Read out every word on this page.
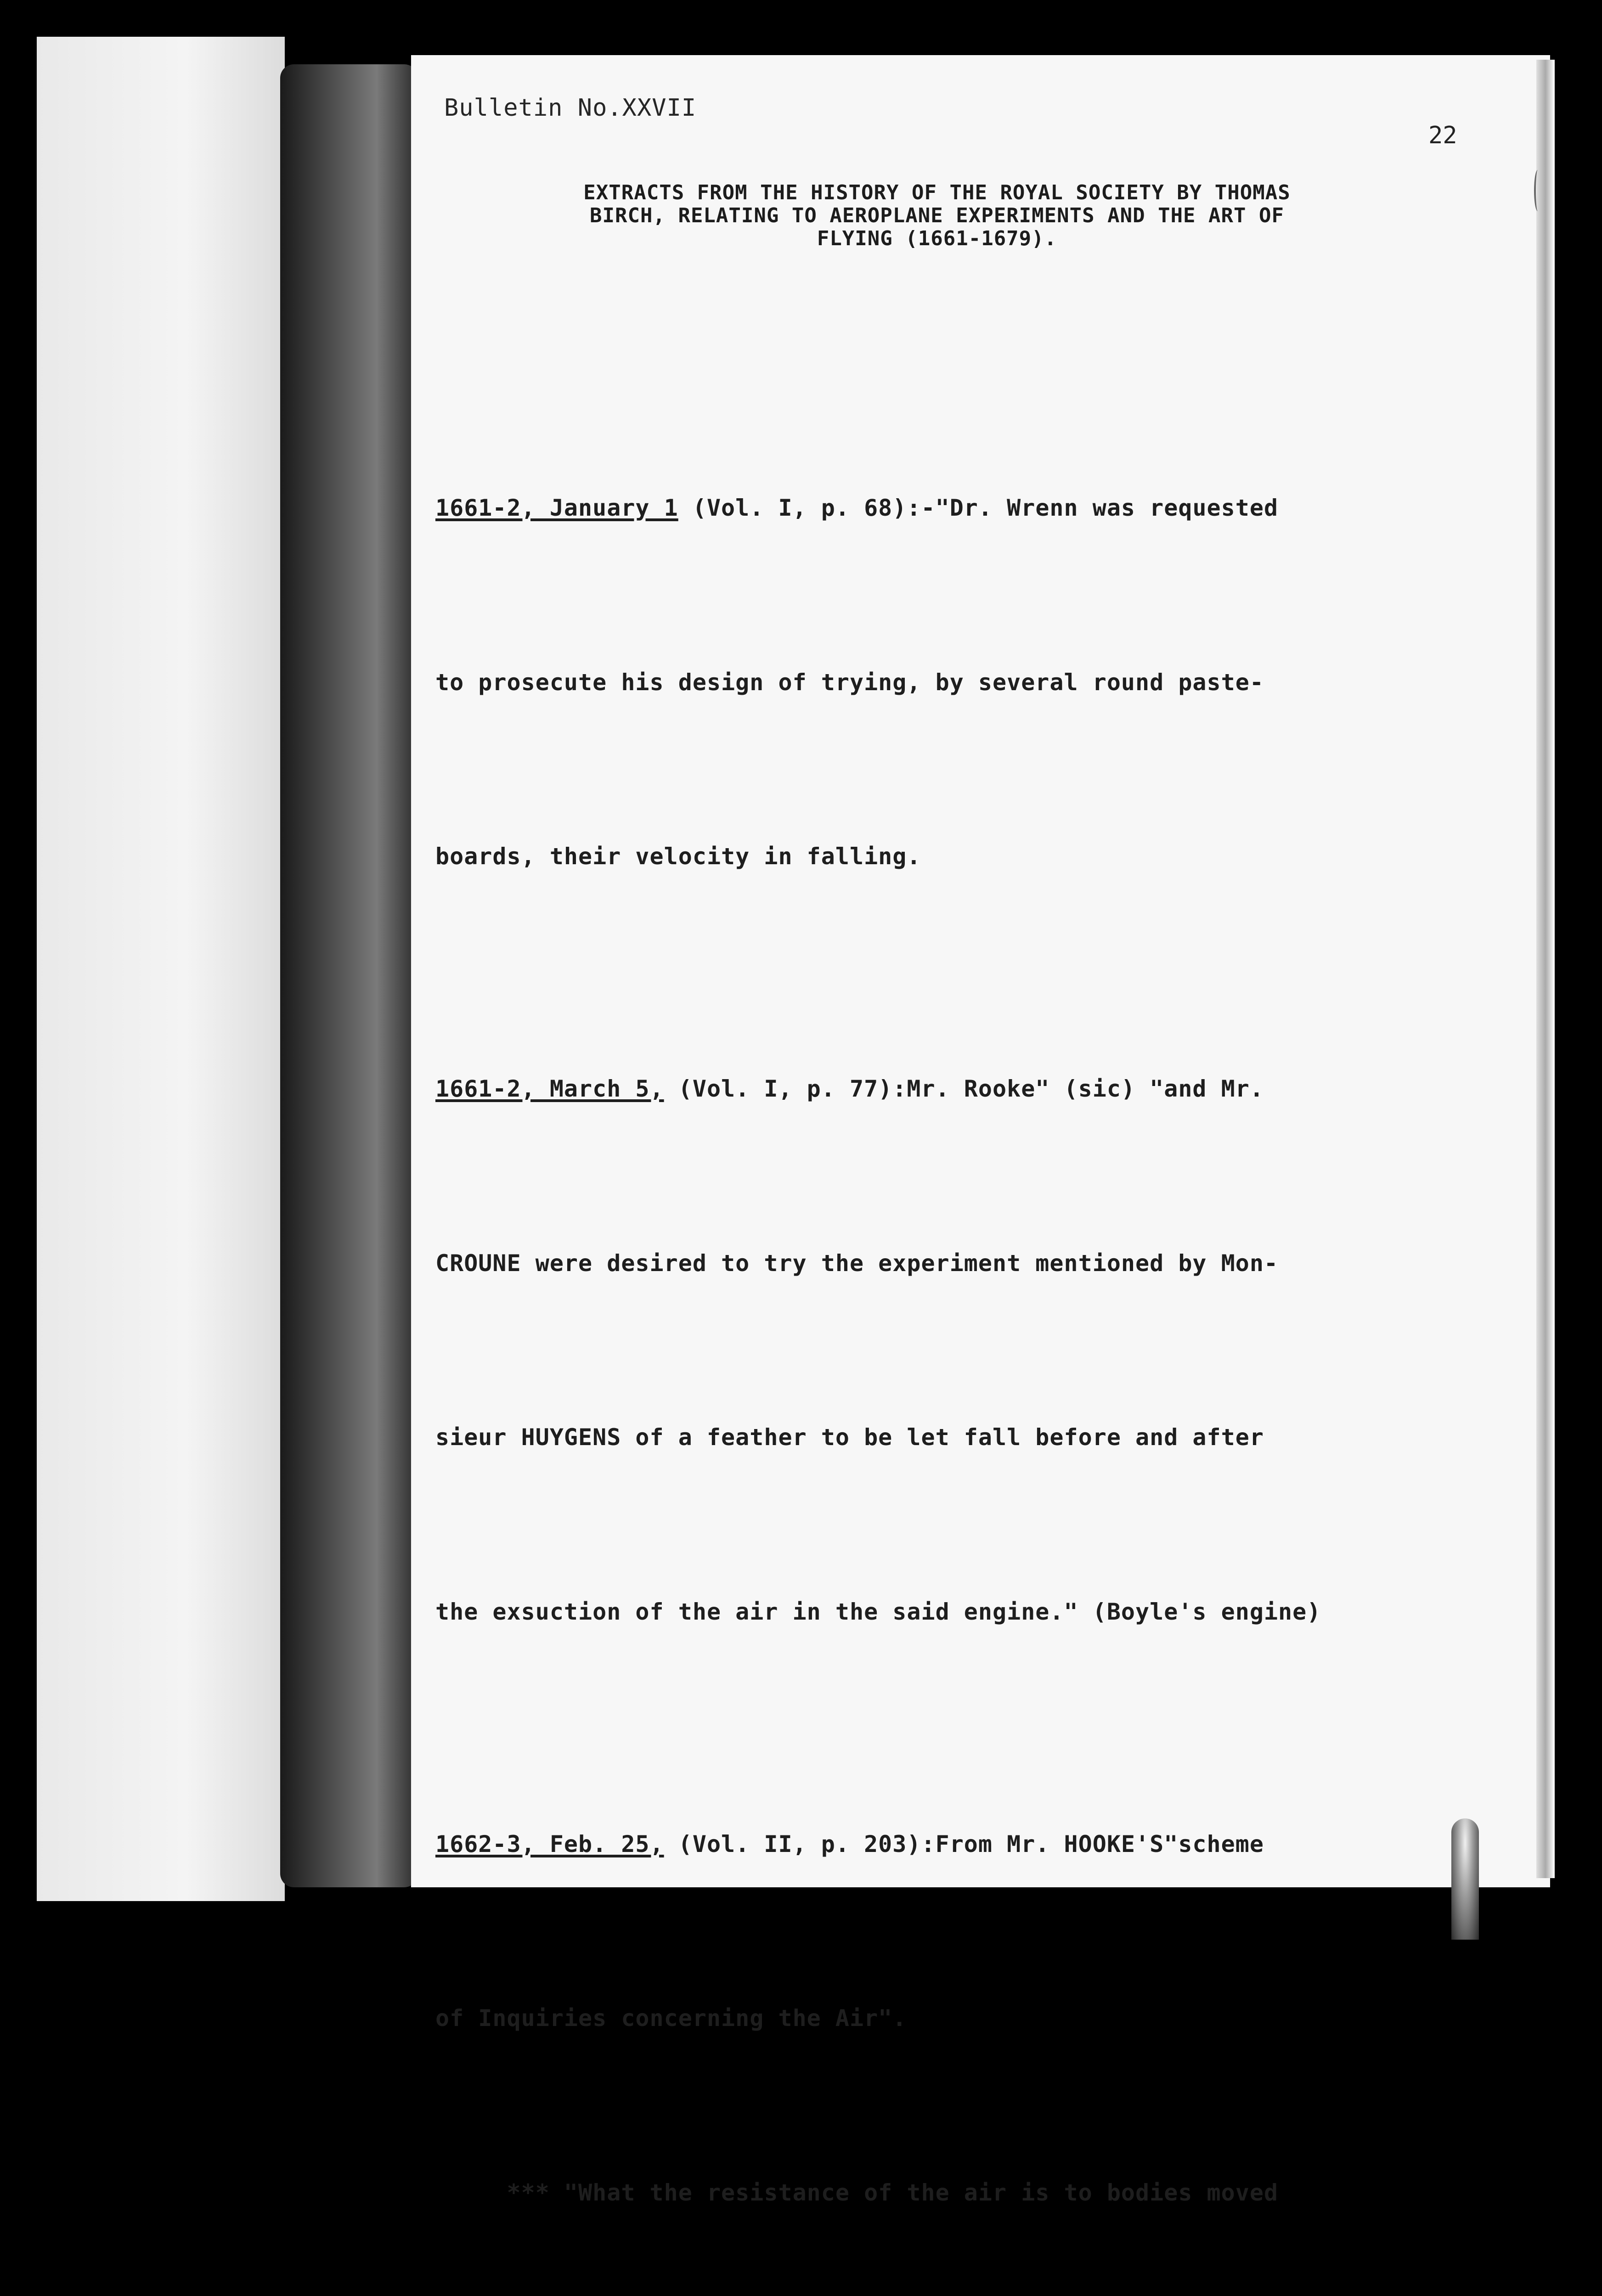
Bulletin No.XXVII
22
EXTRACTS FROM THE HISTORY OF THE ROYAL SOCIETY BY THOMAS
BIRCH, RELATING TO AEROPLANE EXPERIMENTS AND THE ART OF
FLYING (1661-1679).

1661-2, January 1 (Vol. I, p. 68):-"Dr. Wrenn was requested

to prosecute his design of trying, by several round paste-

boards, their velocity in falling.

1661-2, March 5, (Vol. I, p. 77):Mr. Rooke" (sic) "and Mr.

CROUNE were desired to try the experiment mentioned by Mon-

sieur HUYGENS of a feather to be let fall before and after

the exsuction of the air in the said engine." (Boyle's engine)

1662-3, Feb. 25, (Vol. II, p. 203):From Mr. HOOKE'S"scheme

of Inquiries concerning the Air".

*** "What the resistance of the air is to bodies moved
